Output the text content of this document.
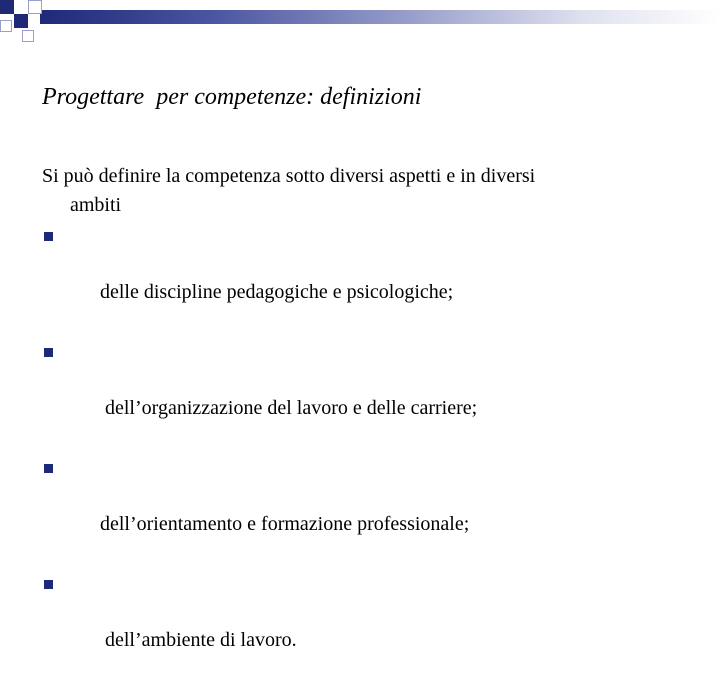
Progettare  per competenze: definizioni

Si può definire la competenza sotto diversi aspetti e in diversi
ambiti

delle discipline pedagogiche e psicologiche;

dell’organizzazione del lavoro e delle carriere;

dell’orientamento e formazione professionale;

dell’ambiente di lavoro.
